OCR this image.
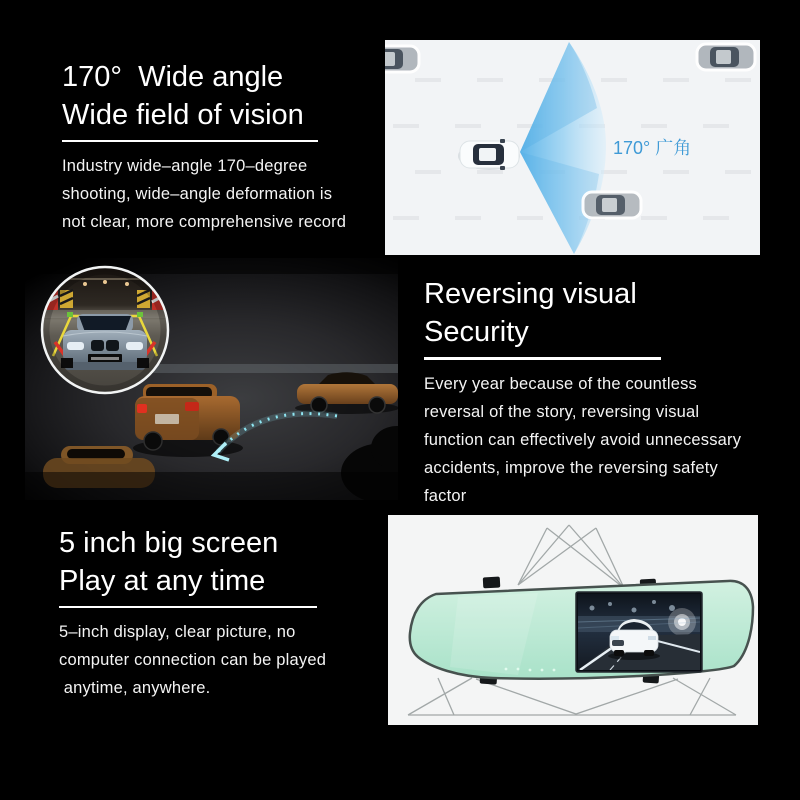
170°  Wide angle
Wide field of vision
Industry wide–angle 170–degree
shooting, wide–angle deformation is
not clear, more comprehensive record
170° 广角
Reversing visual
Security
Every year because of the countless
reversal of the story, reversing visual
function can effectively avoid unnecessary
accidents, improve the reversing safety
factor
5 inch big screen
Play at any time
5–inch display, clear picture, no
computer connection can be played
anytime, anywhere.
